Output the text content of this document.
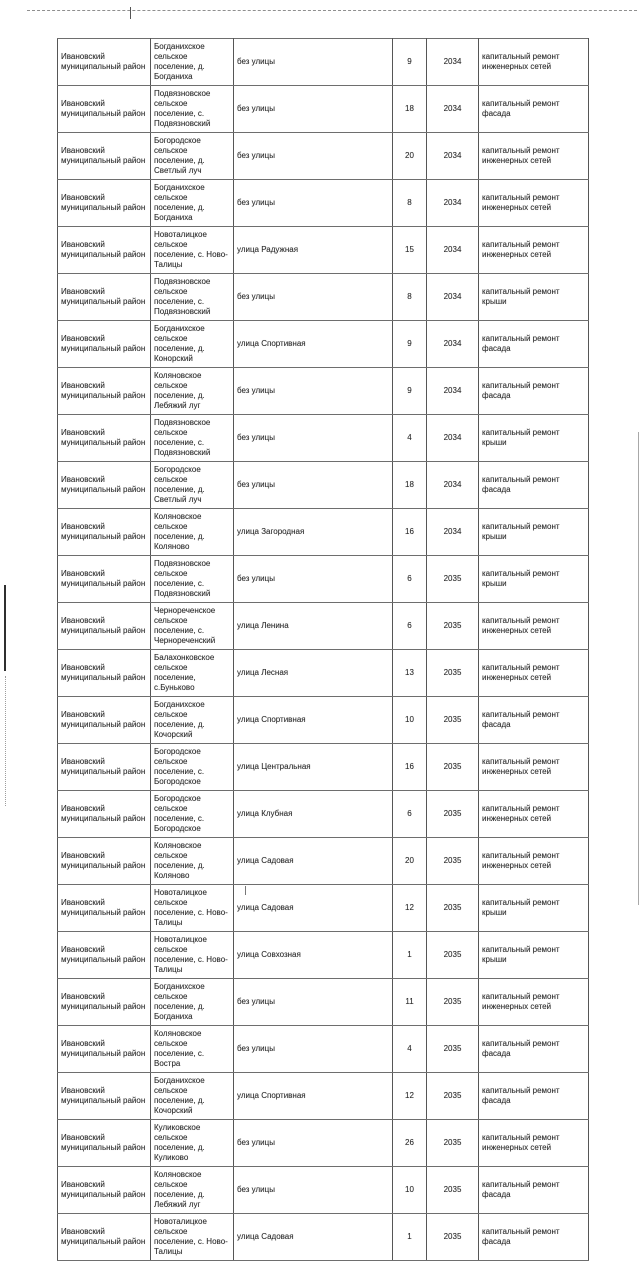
Ивановский муниципальный район	Богданихское сельское поселение, д. Богданиха	без улицы	9	2034	капитальный ремонт инженерных сетей
Ивановский муниципальный район	Подвязновское сельское поселение, с. Подвязновский	без улицы	18	2034	капитальный ремонт фасада
Ивановский муниципальный район	Богородское сельское поселение, д. Светлый луч	без улицы	20	2034	капитальный ремонт инженерных сетей
Ивановский муниципальный район	Богданихское сельское поселение, д. Богданиха	без улицы	8	2034	капитальный ремонт инженерных сетей
Ивановский муниципальный район	Новоталицкое сельское поселение, с. Ново-Талицы	улица Радужная	15	2034	капитальный ремонт инженерных сетей
Ивановский муниципальный район	Подвязновское сельское поселение, с. Подвязновский	без улицы	8	2034	капитальный ремонт крыши
Ивановский муниципальный район	Богданихское сельское поселение, д. Конорский	улица Спортивная	9	2034	капитальный ремонт фасада
Ивановский муниципальный район	Коляновское сельское поселение, д. Лебяжий луг	без улицы	9	2034	капитальный ремонт фасада
Ивановский муниципальный район	Подвязновское сельское поселение, с. Подвязновский	без улицы	4	2034	капитальный ремонт крыши
Ивановский муниципальный район	Богородское сельское поселение, д. Светлый луч	без улицы	18	2034	капитальный ремонт фасада
Ивановский муниципальный район	Коляновское сельское поселение, д. Коляново	улица Загородная	16	2034	капитальный ремонт крыши
Ивановский муниципальный район	Подвязновское сельское поселение, с. Подвязновский	без улицы	6	2035	капитальный ремонт крыши
Ивановский муниципальный район	Чернореченское сельское поселение, с. Чернореченский	улица Ленина	6	2035	капитальный ремонт инженерных сетей
Ивановский муниципальный район	Балахонковское сельское поселение, с.Буньково	улица Лесная	13	2035	капитальный ремонт инженерных сетей
Ивановский муниципальный район	Богданихское сельское поселение, д. Кочорский	улица Спортивная	10	2035	капитальный ремонт фасада
Ивановский муниципальный район	Богородское сельское поселение, с. Богородское	улица Центральная	16	2035	капитальный ремонт инженерных сетей
Ивановский муниципальный район	Богородское сельское поселение, с. Богородское	улица Клубная	6	2035	капитальный ремонт инженерных сетей
Ивановский муниципальный район	Коляновское сельское поселение, д. Коляново	улица Садовая	20	2035	капитальный ремонт инженерных сетей
Ивановский муниципальный район	Новоталицкое сельское поселение, с. Ново-Талицы	улица Садовая	12	2035	капитальный ремонт крыши
Ивановский муниципальный район	Новоталицкое сельское поселение, с. Ново-Талицы	улица Совхозная	1	2035	капитальный ремонт крыши
Ивановский муниципальный район	Богданихское сельское поселение, д. Богданиха	без улицы	11	2035	капитальный ремонт инженерных сетей
Ивановский муниципальный район	Коляновское сельское поселение, с. Востра	без улицы	4	2035	капитальный ремонт фасада
Ивановский муниципальный район	Богданихское сельское поселение, д. Кочорский	улица Спортивная	12	2035	капитальный ремонт фасада
Ивановский муниципальный район	Куликовское сельское поселение, д. Куликово	без улицы	26	2035	капитальный ремонт инженерных сетей
Ивановский муниципальный район	Коляновское сельское поселение, д. Лебяжий луг	без улицы	10	2035	капитальный ремонт фасада
Ивановский муниципальный район	Новоталицкое сельское поселение, с. Ново-Талицы	улица Садовая	1	2035	капитальный ремонт фасада
